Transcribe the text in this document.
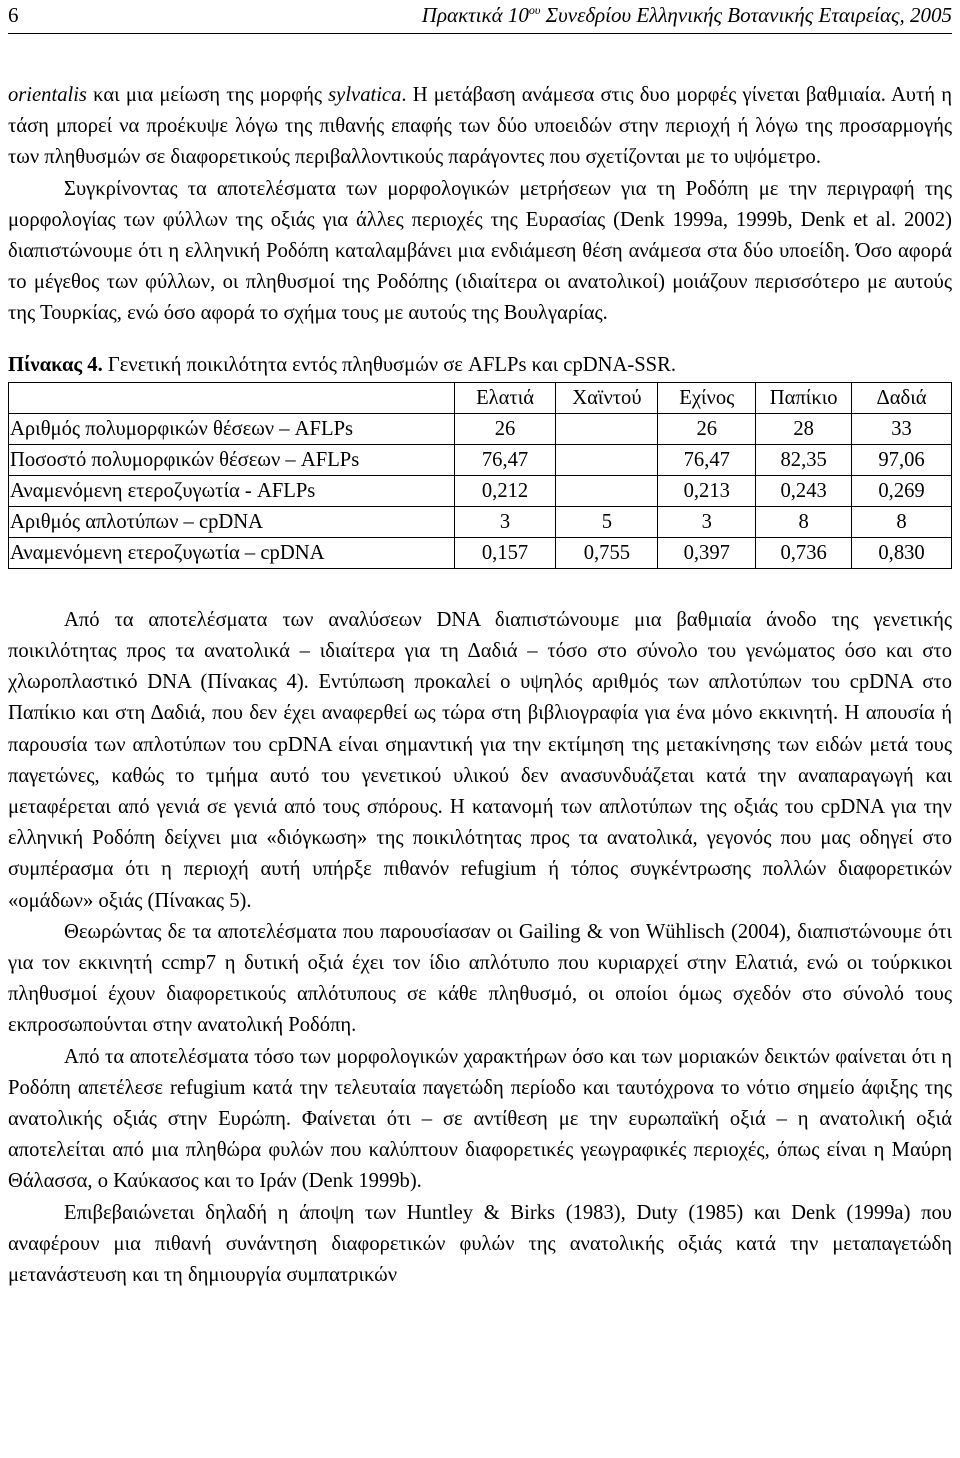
6	Πρακτικά $10^{o\upsilon}$ Συνεδρίου Ελληνικής Βοτανικής Εταιρείας, 2005

orientalis και μια μείωση της μορφής sylvatica. Η μετάβαση ανάμεσα στις δυο μορφές γίνεται βαθμιαία. Αυτή η τάση μπορεί να προέκυψε λόγω της πιθανής επαφής των δύο υποειδών στην περιοχή ή λόγω της προσαρμογής των πληθυσμών σε διαφορετικούς περιβαλλοντικούς παράγοντες που σχετίζονται με το υψόμετρο.

Συγκρίνοντας τα αποτελέσματα των μορφολογικών μετρήσεων για τη Ροδόπη με την περιγραφή της μορφολογίας των φύλλων της οξιάς για άλλες περιοχές της Ευρασίας (Denk 1999a, 1999b, Denk et al. 2002) διαπιστώνουμε ότι η ελληνική Ροδόπη καταλαμβάνει μια ενδιάμεση θέση ανάμεσα στα δύο υποείδη. Όσο αφορά το μέγεθος των φύλλων, οι πληθυσμοί της Ροδόπης (ιδιαίτερα οι ανατολικοί) μοιάζουν περισσότερο με αυτούς της Τουρκίας, ενώ όσο αφορά το σχήμα τους με αυτούς της Βουλγαρίας.

Πίνακας 4. Γενετική ποικιλότητα εντός πληθυσμών σε AFLPs και cpDNA-SSR.

	Ελατιά	Χαϊντού	Εχίνος	Παπίκιο	Δαδιά
Αριθμός πολυμορφικών θέσεων – AFLPs	26		26	28	33
Ποσοστό πολυμορφικών θέσεων – AFLPs	76,47		76,47	82,35	97,06
Αναμενόμενη ετεροζυγωτία - AFLPs	0,212		0,213	0,243	0,269
Αριθμός απλοτύπων – cpDNA	3	5	3	8	8
Αναμενόμενη ετεροζυγωτία – cpDNA	0,157	0,755	0,397	0,736	0,830

Από τα αποτελέσματα των αναλύσεων DNA διαπιστώνουμε μια βαθμιαία άνοδο της γενετικής ποικιλότητας προς τα ανατολικά – ιδιαίτερα για τη Δαδιά – τόσο στο σύνολο του γενώματος όσο και στο χλωροπλαστικό DNA (Πίνακας 4). Εντύπωση προκαλεί ο υψηλός αριθμός των απλοτύπων του cpDNA στο Παπίκιο και στη Δαδιά, που δεν έχει αναφερθεί ως τώρα στη βιβλιογραφία για ένα μόνο εκκινητή. Η απουσία ή παρουσία των απλοτύπων του cpDNA είναι σημαντική για την εκτίμηση της μετακίνησης των ειδών μετά τους παγετώνες, καθώς το τμήμα αυτό του γενετικού υλικού δεν ανασυνδυάζεται κατά την αναπαραγωγή και μεταφέρεται από γενιά σε γενιά από τους σπόρους. Η κατανομή των απλοτύπων της οξιάς του cpDNA για την ελληνική Ροδόπη δείχνει μια «διόγκωση» της ποικιλότητας προς τα ανατολικά, γεγονός που μας οδηγεί στο συμπέρασμα ότι η περιοχή αυτή υπήρξε πιθανόν refugium ή τόπος συγκέντρωσης πολλών διαφορετικών «ομάδων» οξιάς (Πίνακας 5).

Θεωρώντας δε τα αποτελέσματα που παρουσίασαν οι Gailing & von Wühlisch (2004), διαπιστώνουμε ότι για τον εκκινητή ccmp7 η δυτική οξιά έχει τον ίδιο απλότυπο που κυριαρχεί στην Ελατιά, ενώ οι τούρκικοι πληθυσμοί έχουν διαφορετικούς απλότυπους σε κάθε πληθυσμό, οι οποίοι όμως σχεδόν στο σύνολό τους εκπροσωπούνται στην ανατολική Ροδόπη.

Από τα αποτελέσματα τόσο των μορφολογικών χαρακτήρων όσο και των μοριακών δεικτών φαίνεται ότι η Ροδόπη απετέλεσε refugium κατά την τελευταία παγετώδη περίοδο και ταυτόχρονα το νότιο σημείο άφιξης της ανατολικής οξιάς στην Ευρώπη. Φαίνεται ότι – σε αντίθεση με την ευρωπαϊκή οξιά – η ανατολική οξιά αποτελείται από μια πληθώρα φυλών που καλύπτουν διαφορετικές γεωγραφικές περιοχές, όπως είναι η Μαύρη Θάλασσα, ο Καύκασος και το Ιράν (Denk 1999b).

Επιβεβαιώνεται δηλαδή η άποψη των Huntley & Birks (1983), Duty (1985) και Denk (1999a) που αναφέρουν μια πιθανή συνάντηση διαφορετικών φυλών της ανατολικής οξιάς κατά την μεταπαγετώδη μετανάστευση και τη δημιουργία συμπατρικών
